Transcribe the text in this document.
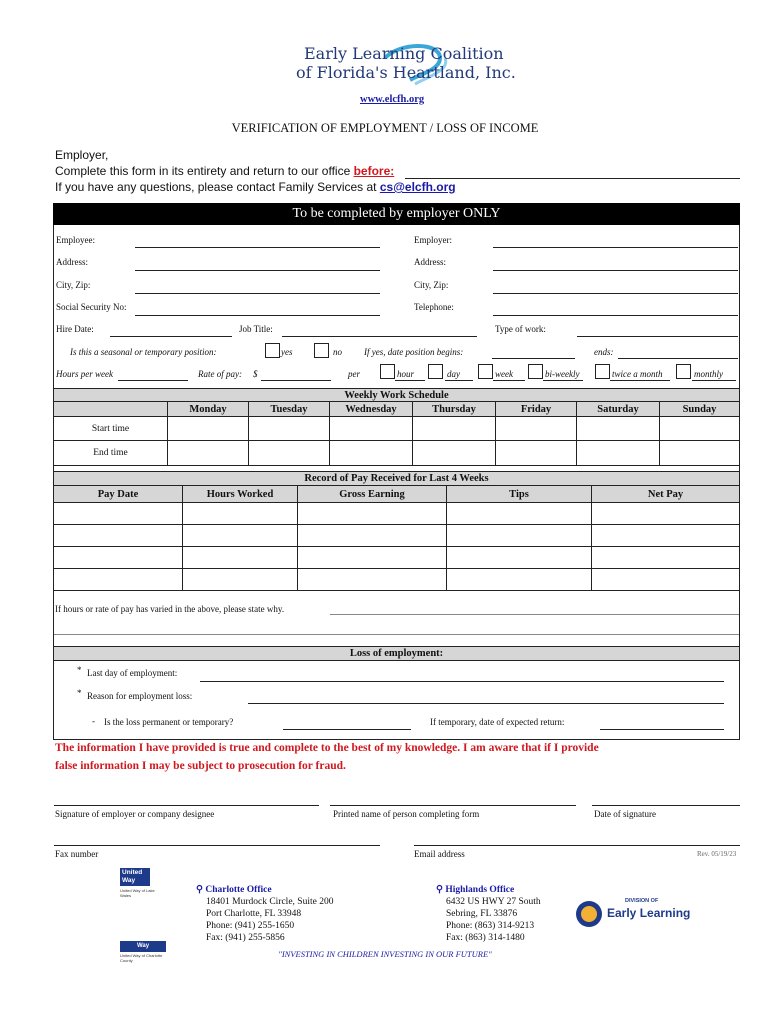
Early Learning Coalition
of Florida's Heartland, Inc.
www.elcfh.org
VERIFICATION OF EMPLOYMENT / LOSS OF INCOME
Employer,
Complete this form in its entirety and return to our office before:
If you have any questions, please contact Family Services at cs@elcfh.org
To be completed by employer ONLY
Employee:	Employer:
Address:	Address:
City, Zip:	City, Zip:
Social Security No:	Telephone:
Hire Date:	Job Title:	Type of work:
Is this a seasonal or temporary position:	yes	no If yes, date position begins:	ends:
Hours per week	Rate of pay: $	per	hour	day	week	bi-weekly	twice a month	monthly
Weekly Work Schedule
Monday	Tuesday	Wednesday	Thursday	Friday	Saturday	Sunday
Start time
End time
Record of Pay Received for Last 4 Weeks
Pay Date	Hours Worked	Gross Earning	Tips	Net Pay
If hours or rate of pay has varied in the above, please state why.
Loss of employment:
* Last day of employment:
* Reason for employment loss:
- Is the loss permanent or temporary?	If temporary, date of expected return:
The information I have provided is true and complete to the best of my knowledge. I am aware that if I provide
false information I may be subject to prosecution for fraud.
Signature of employer or company designee	Printed name of person completing form	Date of signature
Fax number	Email address	Rev. 05/19/23
United Way
United Way of Lake Wales
Way
United Way of Charlotte County
⚲ Charlotte Office
18401 Murdock Circle, Suite 200
Port Charlotte, FL 33948
Phone: (941) 255-1650
Fax: (941) 255-5856
⚲ Highlands Office
6432 US HWY 27 South
Sebring, FL 33876
Phone: (863) 314-9213
Fax: (863) 314-1480
DIVISION OF
Early Learning
"INVESTING IN CHILDREN INVESTING IN OUR FUTURE"
